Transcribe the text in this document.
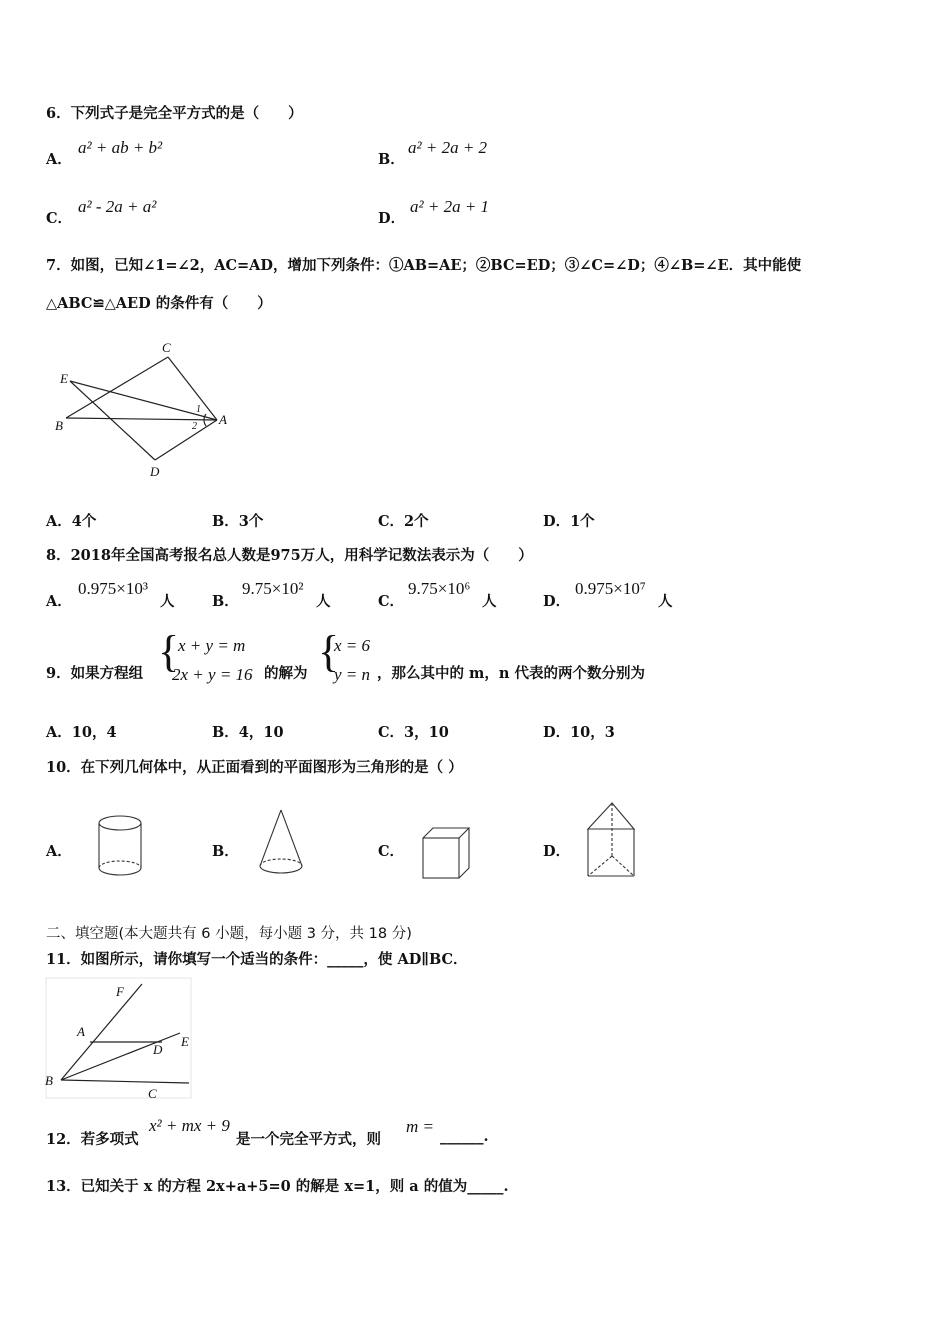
6．下列式子是完全平方式的是（　　）
A．
a² + ab + b²
B．
a² + 2a + 2
C．
a² - 2a + a²
D．
a² + 2a + 1
7．如图，已知∠1=∠2，AC=AD，增加下列条件：①AB=AE；②BC=ED；③∠C=∠D；④∠B=∠E．其中能使
△ABC≌△AED 的条件有（　　）
C
E
B	A
D
1
2
A．4个	B．3个	C．2个	D．1个
8．2018年全国高考报名总人数是975万人，用科学记数法表示为（　　）
A．
0.975×10³
人	B．
9.75×10²
人	C．
9.75×10⁶
人	D．
0.975×10⁷
人
9．如果方程组 {
x + y = m
2x + y = 16 的解为 {
x = 6
y = n ，那么其中的 m，n 代表的两个数分别为
A．10，4	B．4，10	C．3，10	D．10，3
10．在下列几何体中，从正面看到的平面图形为三角形的是（ ）
A．	B．	C．	D．
二、填空题(本大题共有 6 小题，每小题 3 分，共 18 分)
11．如图所示，请你填写一个适当的条件：_____，使 AD∥BC．
F
A
D
E
B
C
12．若多项式
x² + mx + 9
是一个完全平方式，则
m =
______.
13．已知关于 x 的方程 2x+a+5=0 的解是 x=1，则 a 的值为_____.
